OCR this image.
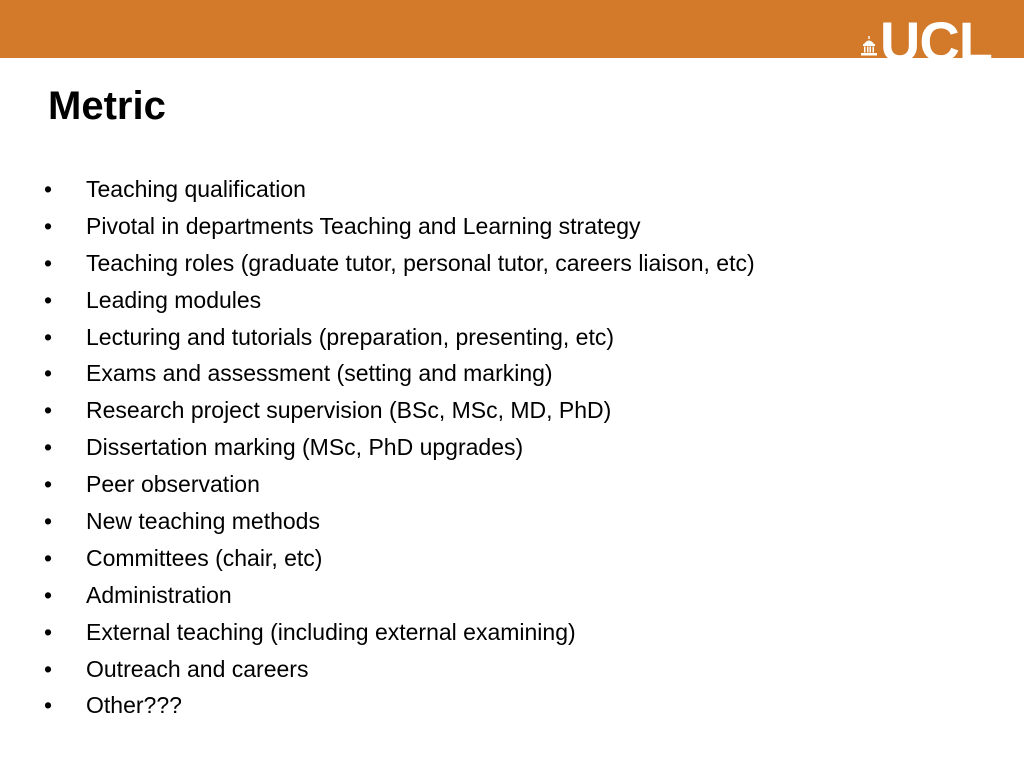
UCL
Metric
• Teaching qualification
• Pivotal in departments Teaching and Learning strategy
• Teaching roles (graduate tutor, personal tutor, careers liaison, etc)
• Leading modules
• Lecturing and tutorials (preparation, presenting, etc)
• Exams and assessment (setting and marking)
• Research project supervision (BSc, MSc, MD, PhD)
• Dissertation marking (MSc, PhD upgrades)
• Peer observation
• New teaching methods
• Committees (chair, etc)
• Administration
• External teaching (including external examining)
• Outreach and careers
• Other???
